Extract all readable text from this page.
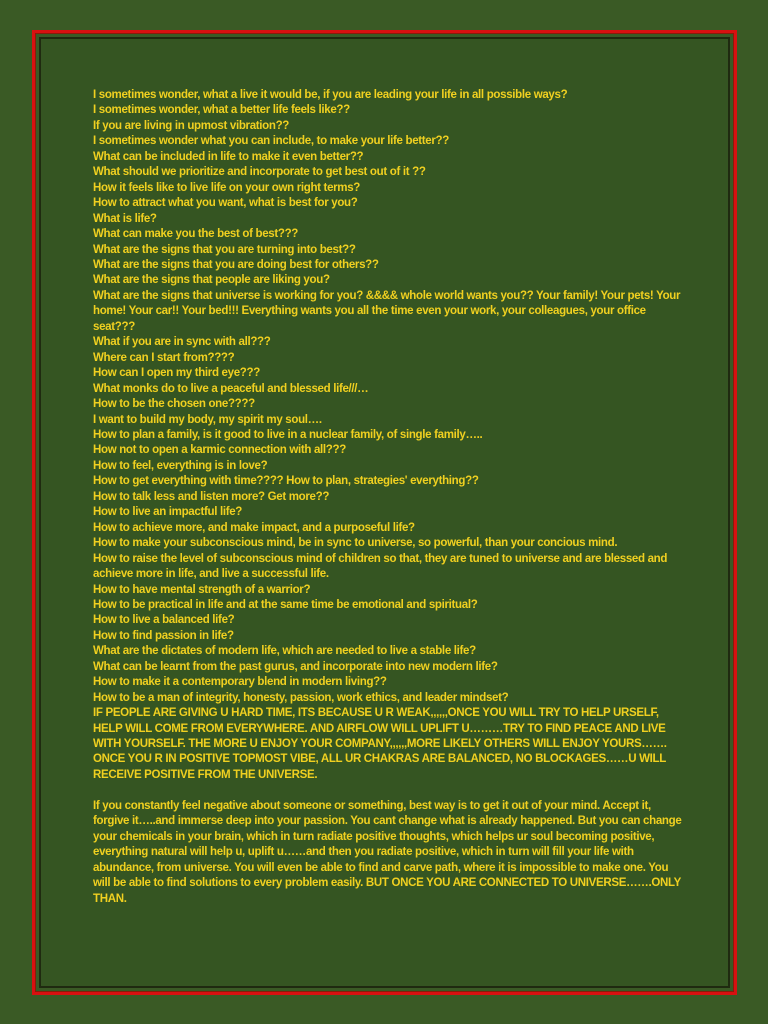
I sometimes wonder, what a live it would be, if you are leading your life in all possible ways?
I sometimes wonder, what a better life feels like??
If you are living in upmost vibration??
I sometimes wonder what you can include, to make your life better??
What can be included in life to make it even better??
What should we prioritize and incorporate to get best out of it ??
How it feels like to live life on your own right terms?
How to attract what you want, what is best for you?
What is life?
What can make you the best of best???
What are the signs that you are turning into best??
What are the signs that you are doing best for others??
What are the signs that people are liking you?
What are the signs that universe is working for you? &&&& whole world wants you?? Your family! Your pets! Your home! Your car!! Your bed!!! Everything wants you all the time even your work, your colleagues, your office seat???
What if you are in sync with all???
Where can I start from????
How can I open my third eye???
What monks do to live a peaceful and blessed life///…
How to be the chosen one????
I want to build my body, my spirit my soul….
How to plan a family, is it good to live in a nuclear family, of single family…..
How not to open a karmic connection with all???
How to feel, everything is in love?
How to get everything with time???? How to plan, strategies' everything??
How to talk less and listen more? Get more??
How to live an impactful life?
How to achieve more, and make impact, and a purposeful life?
How to make your subconscious mind, be in sync to universe, so powerful, than your concious mind.
How to raise the level of subconscious mind of children so that, they are tuned to universe and are blessed and achieve more in life, and live a successful life.
How to have mental strength of a warrior?
How to be practical in life and at the same time be emotional and spiritual?
How to live a balanced life?
How to find passion in life?
What are the dictates of modern life, which are needed to live a stable life?
What can be learnt from the past gurus, and incorporate into new modern life?
How to make it a contemporary blend in modern living??
How to be a man of integrity, honesty, passion, work ethics, and leader mindset?
IF PEOPLE ARE GIVING U HARD TIME, ITS BECAUSE U R WEAK,,,,,,ONCE YOU WILL TRY TO HELP URSELF, HELP WILL COME FROM EVERYWHERE. AND AIRFLOW WILL UPLIFT U………TRY TO FIND PEACE AND LIVE WITH YOURSELF. THE MORE U ENJOY YOUR COMPANY,,,,,,MORE LIKELY OTHERS WILL ENJOY YOURS…….
ONCE YOU R IN POSITIVE TOPMOST VIBE, ALL UR CHAKRAS ARE BALANCED, NO BLOCKAGES……U WILL RECEIVE POSITIVE FROM THE UNIVERSE.
If you constantly feel negative about someone or something, best way is to get it out of your mind. Accept it, forgive it…..and immerse deep into your passion. You cant change what is already happened. But you can change your chemicals in your brain, which in turn radiate positive thoughts, which helps ur soul becoming positive, everything natural will help u, uplift u……and then you radiate positive, which in turn will fill your life with abundance, from universe. You will even be able to find and carve path, where it is impossible to make one. You will be able to find solutions to every problem easily. BUT ONCE YOU ARE CONNECTED TO UNIVERSE…….ONLY THAN.
